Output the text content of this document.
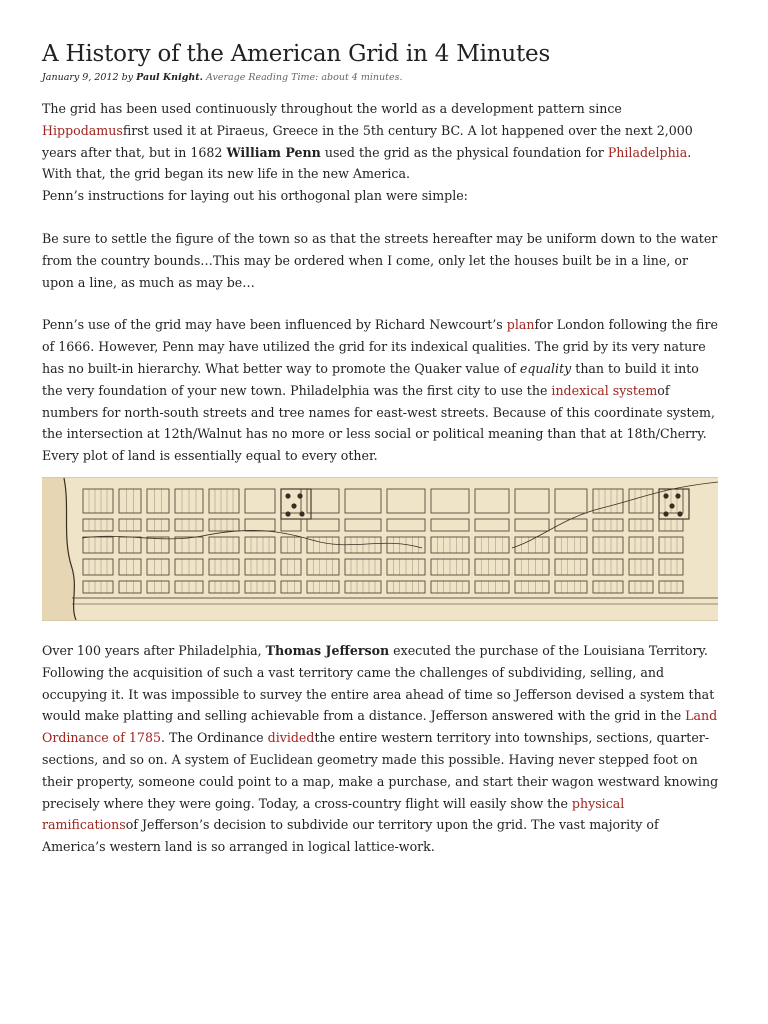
A History of the American Grid in 4 Minutes
January 9, 2012 by Paul Knight. Average Reading Time: about 4 minutes.

The grid has been used continuously throughout the world as a development pattern since Hippodamusfirst used it at Piraeus, Greece in the 5th century BC. A lot happened over the next 2,000 years after that, but in 1682 William Penn used the grid as the physical foundation for Philadelphia. With that, the grid began its new life in the new America.

Penn’s instructions for laying out his orthogonal plan were simple:

Be sure to settle the figure of the town so as that the streets hereafter may be uniform down to the water from the country bounds…This may be ordered when I come, only let the houses built be in a line, or upon a line, as much as may be…

Penn’s use of the grid may have been influenced by Richard Newcourt’s planfor London following the fire of 1666. However, Penn may have utilized the grid for its indexical qualities. The grid by its very nature has no built-in hierarchy. What better way to promote the Quaker value of equality than to build it into the very foundation of your new town. Philadelphia was the first city to use the indexical systemof numbers for north-south streets and tree names for east-west streets. Because of this coordinate system, the intersection at 12th/Walnut has no more or less social or political meaning than that at 18th/Cherry. Every plot of land is essentially equal to every other.

Over 100 years after Philadelphia, Thomas Jefferson executed the purchase of the Louisiana Territory. Following the acquisition of such a vast territory came the challenges of subdividing, selling, and occupying it. It was impossible to survey the entire area ahead of time so Jefferson devised a system that would make platting and selling achievable from a distance. Jefferson answered with the grid in the Land Ordinance of 1785. The Ordinance dividedthe entire western territory into townships, sections, quarter-sections, and so on. A system of Euclidean geometry made this possible. Having never stepped foot on their property, someone could point to a map, make a purchase, and start their wagon westward knowing precisely where they were going. Today, a cross-country flight will easily show the physical ramificationsof Jefferson’s decision to subdivide our territory upon the grid. The vast majority of America’s western land is so arranged in logical lattice-work.
